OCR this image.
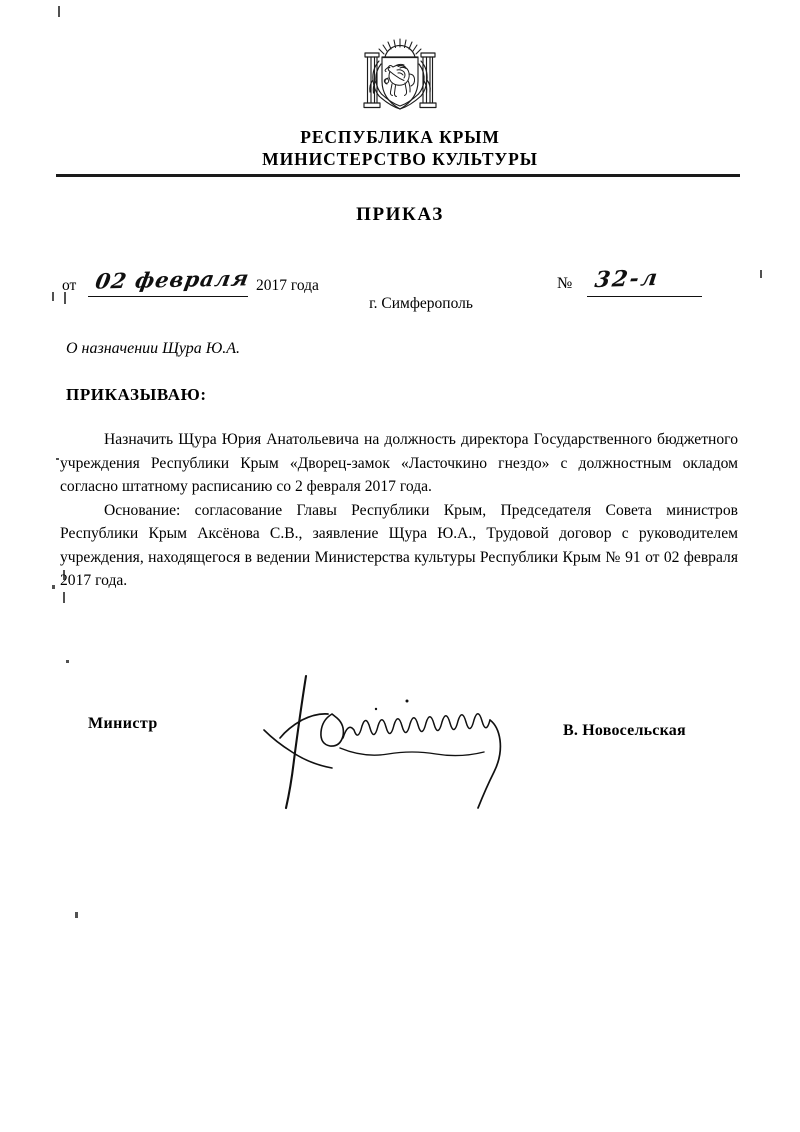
РЕСПУБЛИКА КРЫМ
МИНИСТЕРСТВО КУЛЬТУРЫ
ПРИКАЗ
от 02 февраля 2017 года	№ 32-л
г. Симферополь
О назначении Щура Ю.А.
ПРИКАЗЫВАЮ:

Назначить Щура Юрия Анатольевича на должность директора Государственного бюджетного учреждения Республики Крым «Дворец-замок «Ласточкино гнездо» с должностным окладом согласно штатному расписанию со 2 февраля 2017 года.

Основание: согласование Главы Республики Крым, Председателя Совета министров Республики Крым Аксёнова С.В., заявление Щура Ю.А., Трудовой договор с руководителем учреждения, находящегося в ведении Министерства культуры Республики Крым № 91 от 02 февраля 2017 года.

Министр	В. Новосельская
